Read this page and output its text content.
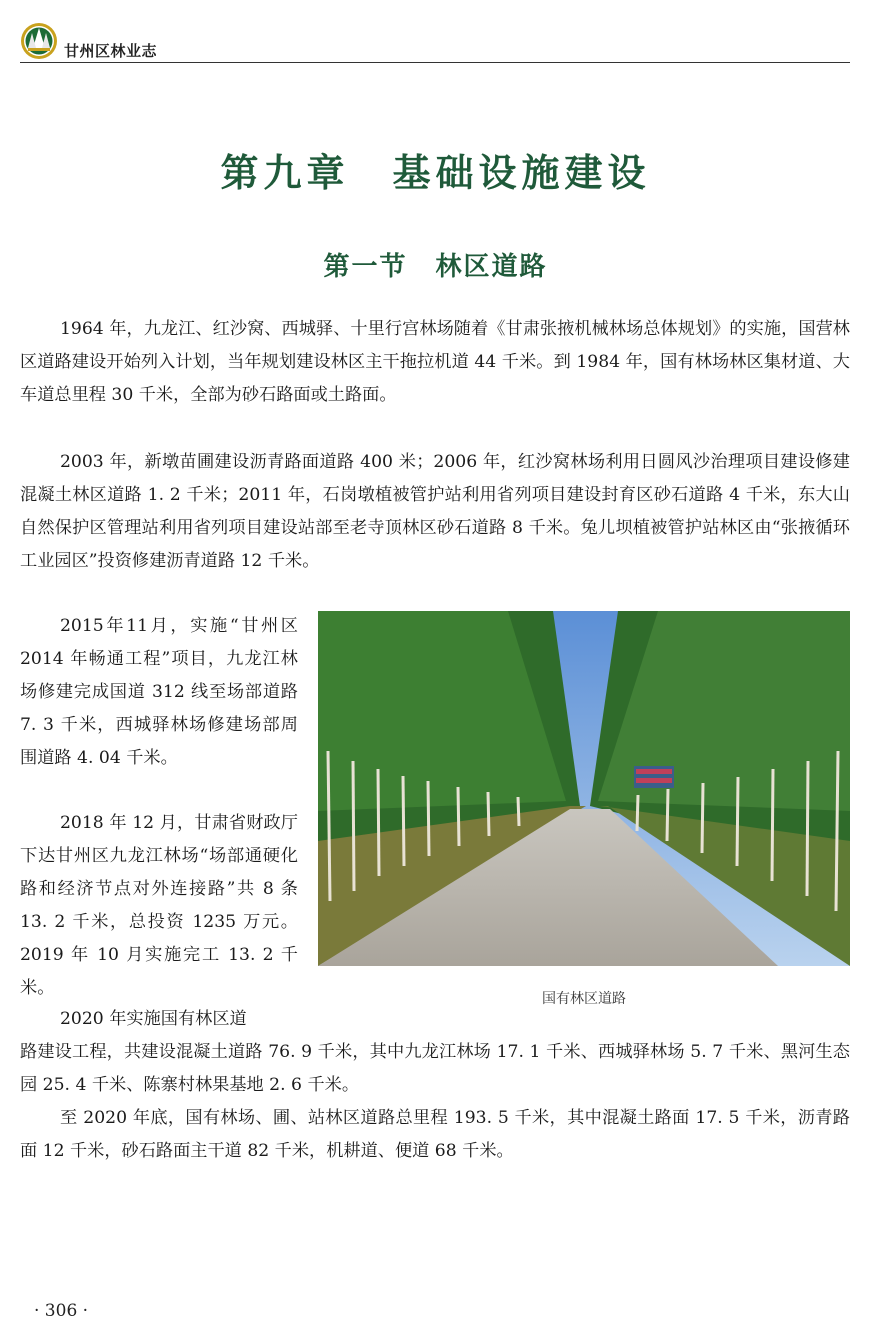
甘州区林业志
第九章　基础设施建设
第一节　林区道路

1964 年，九龙江、红沙窝、西城驿、十里行宫林场随着《甘肃张掖机械林场总体规划》的实施，国营林区道路建设开始列入计划，当年规划建设林区主干拖拉机道 44 千米。到 1984 年，国有林场林区集材道、大车道总里程 30 千米，全部为砂石路面或土路面。

2003 年，新墩苗圃建设沥青路面道路 400 米；2006 年，红沙窝林场利用日圆风沙治理项目建设修建混凝土林区道路 1. 2 千米；2011 年，石岗墩植被管护站利用省列项目建设封育区砂石道路 4 千米，东大山自然保护区管理站利用省列项目建设站部至老寺顶林区砂石道路 8 千米。兔儿坝植被管护站林区由“张掖循环工业园区”投资修建沥青道路 12 千米。

2015年11月，实施“甘州区 2014 年畅通工程”项目，九龙江林场修建完成国道 312 线至场部道路 7. 3 千米，西城驿林场修建场部周围道路 4. 04 千米。

2018 年 12 月，甘肃省财政厅下达甘州区九龙江林场“场部通硬化路和经济节点对外连接路”共 8 条 13. 2 千米，总投资 1235 万元。2019 年 10 月实施完工 13. 2 千米。

2020 年实施国有林区道

路建设工程，共建设混凝土道路 76. 9 千米，其中九龙江林场 17. 1 千米、西城驿林场 5. 7 千米、黑河生态园 25. 4 千米、陈寨村林果基地 2. 6 千米。

至 2020 年底，国有林场、圃、站林区道路总里程 193. 5 千米，其中混凝土路面 17. 5 千米，沥青路面 12 千米，砂石路面主干道 82 千米，机耕道、便道 68 千米。

国有林区道路
· 306 ·
